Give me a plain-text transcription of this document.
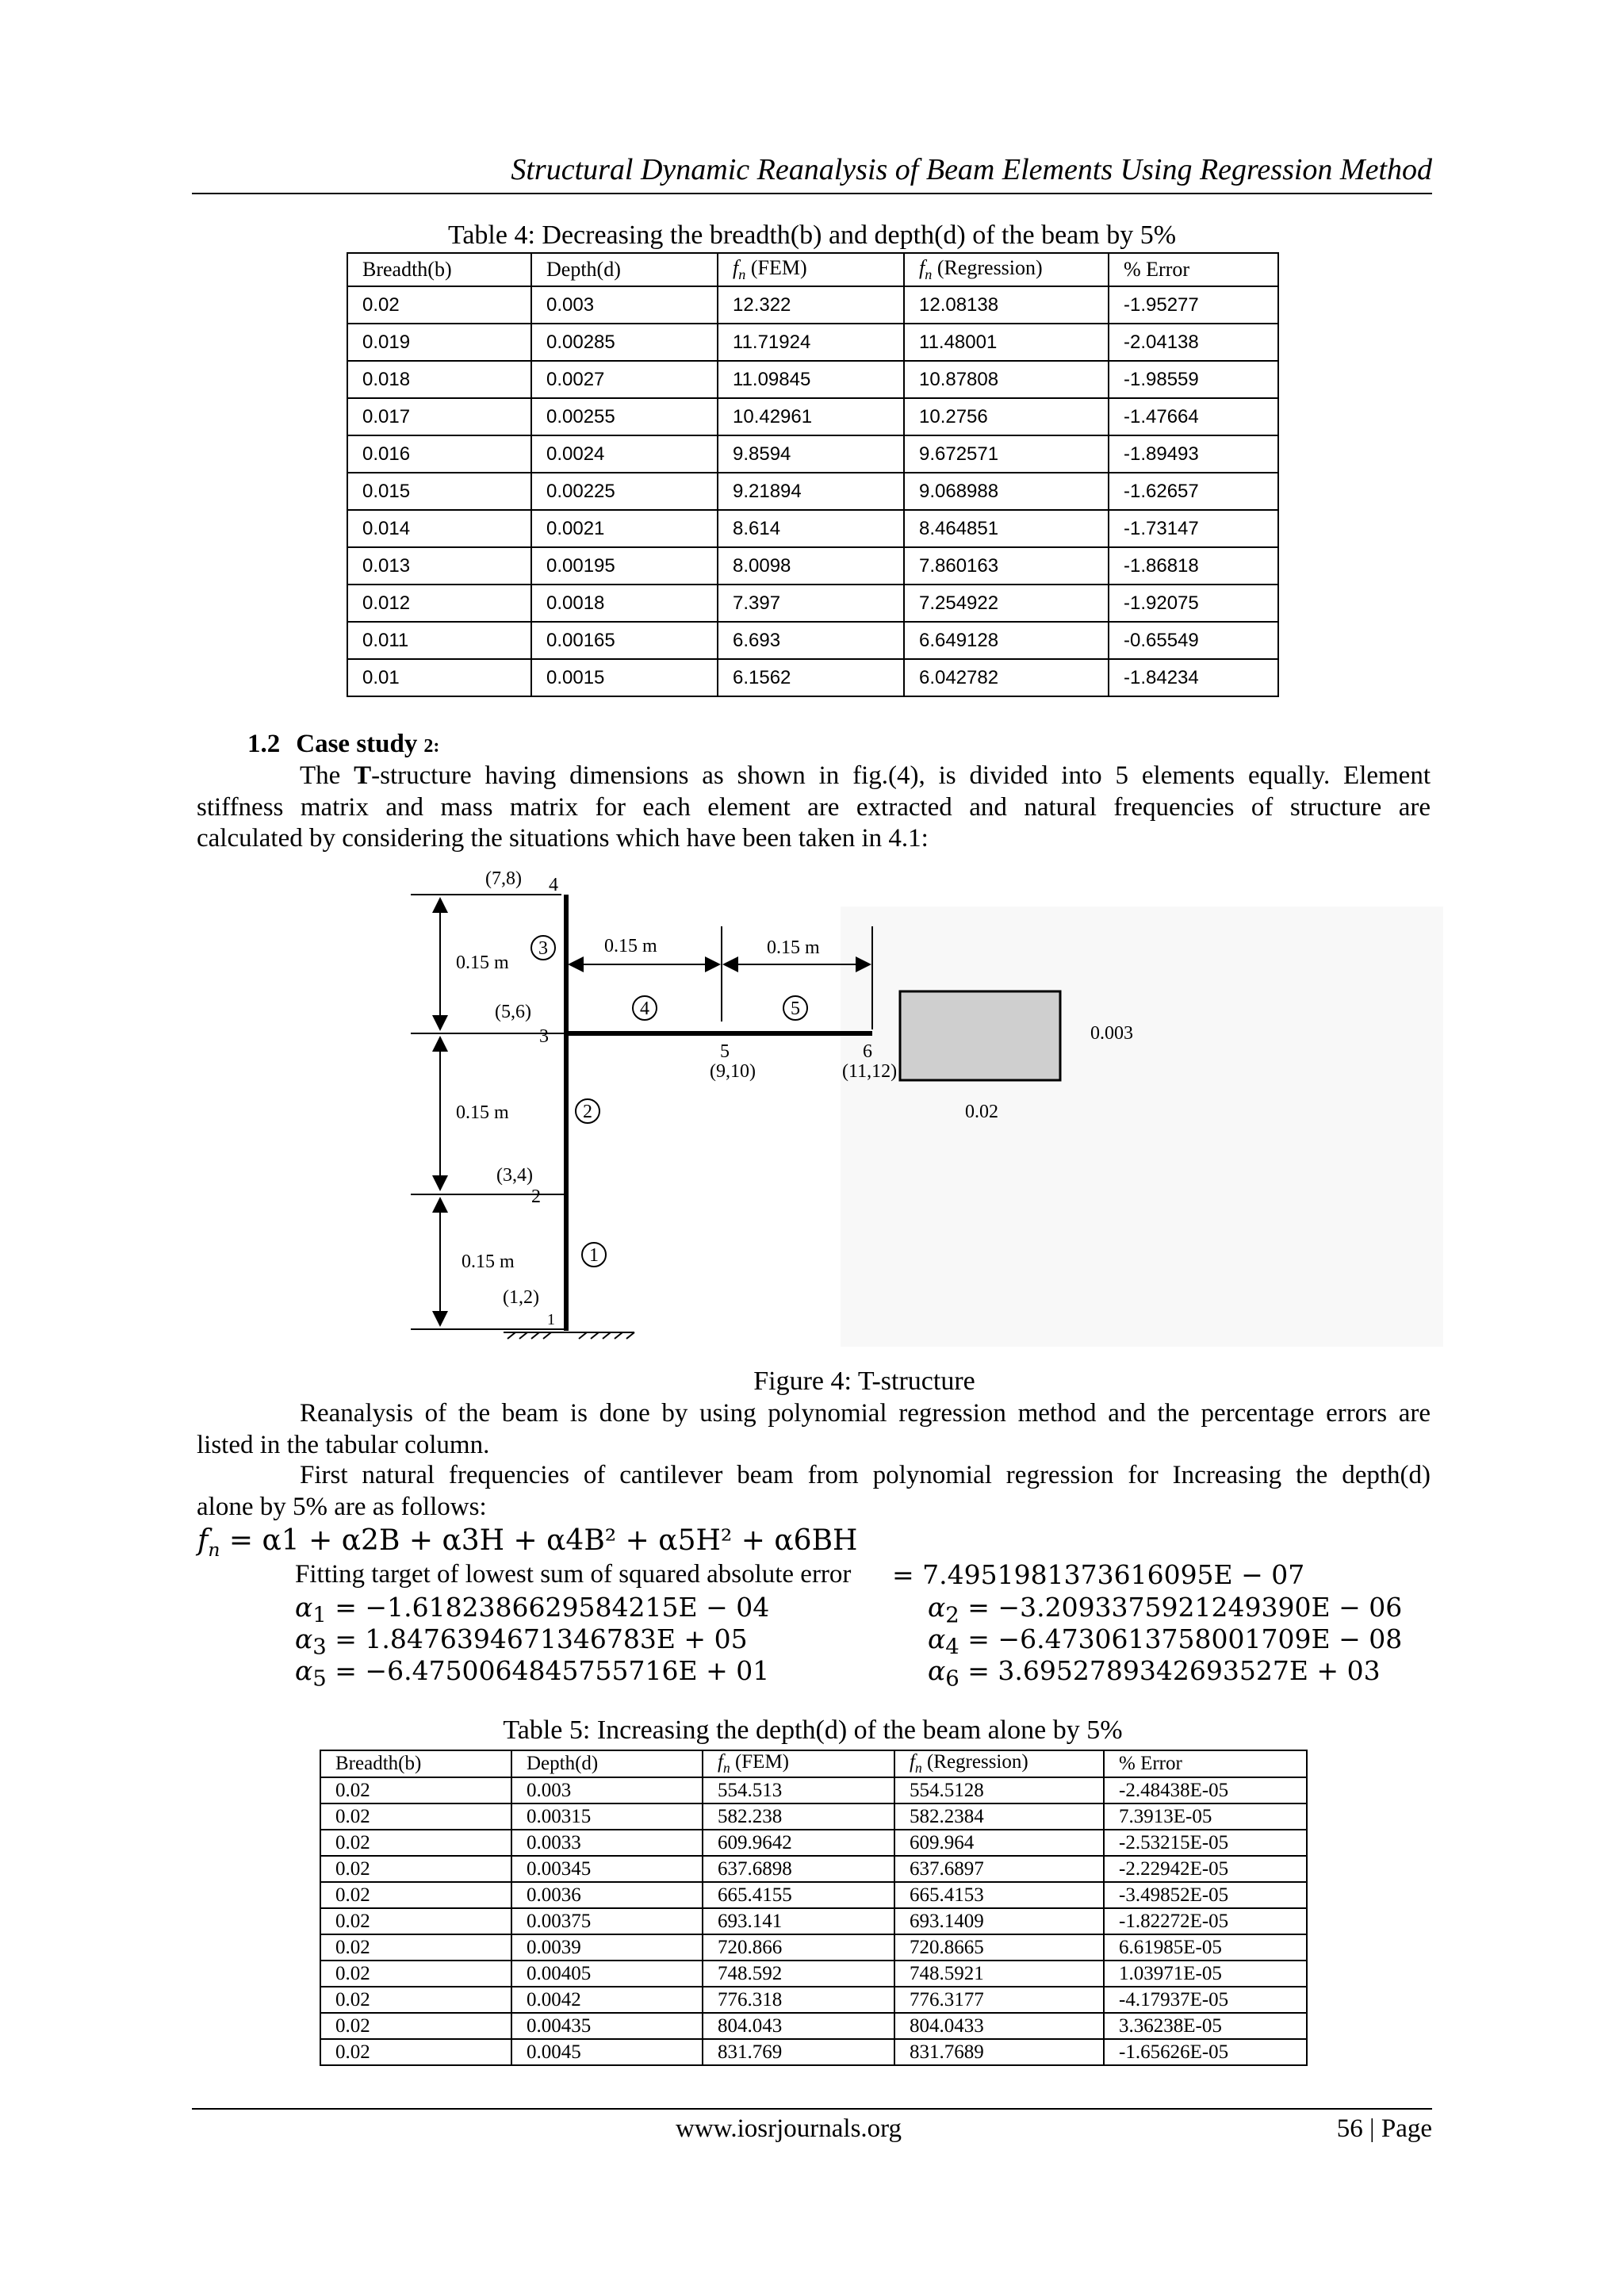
Structural Dynamic Reanalysis of Beam Elements Using Regression Method
Table 4: Decreasing the breadth(b) and depth(d) of the beam by 5%
Breadth(b)	Depth(d)	$f_n$ (FEM)	$f_n$ (Regression)	% Error
0.02	0.003	12.322	12.08138	-1.95277
0.019	0.00285	11.71924	11.48001	-2.04138
0.018	0.0027	11.09845	10.87808	-1.98559
0.017	0.00255	10.42961	10.2756	-1.47664
0.016	0.0024	9.8594	9.672571	-1.89493
0.015	0.00225	9.21894	9.068988	-1.62657
0.014	0.0021	8.614	8.464851	-1.73147
0.013	0.00195	8.0098	7.860163	-1.86818
0.012	0.0018	7.397	7.254922	-1.92075
0.011	0.00165	6.693	6.649128	-0.65549
0.01	0.0015	6.1562	6.042782	-1.84234
1.2 Case study 2:
The T-structure having dimensions as shown in fig.(4), is divided into 5 elements equally. Element
stiffness matrix and mass matrix for each element are extracted and natural frequencies of structure are
calculated by considering the situations which have been taken in 4.1:
0.15 m
0.15 m
0.15 m
0.15 m	0.15 m
3
4	5
2
1
4
3
2
1
5	6
(7,8)
(5,6)
(3,4)
(1,2)
(9,10)	(11,12)
0.003
0.02
Figure 4: T-structure
Reanalysis of the beam is done by using polynomial regression method and the percentage errors are
listed in the tabular column.
First natural frequencies of cantilever beam from polynomial regression for Increasing the depth(d)
alone by 5% are as follows:
$f_n = \alpha 1 + \alpha 2B + \alpha 3H + \alpha 4B^2 + \alpha 5H^2 + \alpha 6BH$
Fitting target of lowest sum of squared absolute error = 7.4951981373616095E − 07
$\alpha_1 = -1.6182386629584215E - 04$	$\alpha_2 = -3.2093375921249390E - 06$
$\alpha_3 = 1.8476394671346783E + 05$	$\alpha_4 = -6.4730613758001709E - 08$
$\alpha_5 = -6.4750064845755716E + 01$	$\alpha_6 = 3.6952789342693527E + 03$
Table 5: Increasing the depth(d) of the beam alone by 5%
Breadth(b)	Depth(d)	$f_n$ (FEM)	$f_n$ (Regression)	% Error
0.02	0.003	554.513	554.5128	-2.48438E-05
0.02	0.00315	582.238	582.2384	7.3913E-05
0.02	0.0033	609.9642	609.964	-2.53215E-05
0.02	0.00345	637.6898	637.6897	-2.22942E-05
0.02	0.0036	665.4155	665.4153	-3.49852E-05
0.02	0.00375	693.141	693.1409	-1.82272E-05
0.02	0.0039	720.866	720.8665	6.61985E-05
0.02	0.00405	748.592	748.5921	1.03971E-05
0.02	0.0042	776.318	776.3177	-4.17937E-05
0.02	0.00435	804.043	804.0433	3.36238E-05
0.02	0.0045	831.769	831.7689	-1.65626E-05
www.iosrjournals.org	56 | Page
